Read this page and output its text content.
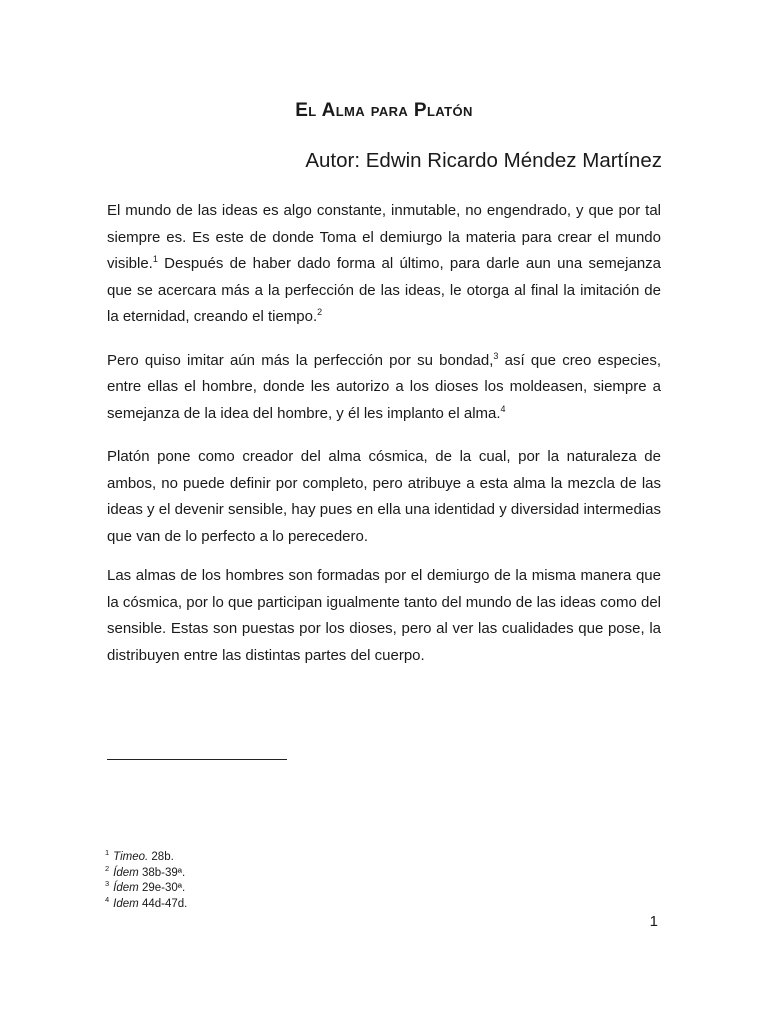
El Alma para Platón
Autor: Edwin Ricardo Méndez Martínez

El mundo de las ideas es algo constante, inmutable, no engendrado, y que por tal siempre es. Es este de donde Toma el demiurgo la materia para crear el mundo visible.$^1$ Después de haber dado forma al último, para darle aun una semejanza que se acercara más a la perfección de las ideas, le otorga al final la imitación de la eternidad, creando el tiempo.$^2$

Pero quiso imitar aún más la perfección por su bondad,$^3$ así que creo especies, entre ellas el hombre, donde les autorizo a los dioses los moldeasen, siempre a semejanza de la idea del hombre, y él les implanto el alma.$^4$

Platón pone como creador del alma cósmica, de la cual, por la naturaleza de ambos, no puede definir por completo, pero atribuye a esta alma la mezcla de las ideas y el devenir sensible, hay pues en ella una identidad y diversidad intermedias que van de lo perfecto a lo perecedero.

Las almas de los hombres son formadas por el demiurgo de la misma manera que la cósmica, por lo que participan igualmente tanto del mundo de las ideas como del sensible. Estas son puestas por los dioses, pero al ver las cualidades que pose, la distribuyen entre las distintas partes del cuerpo.

$^1$ Timeo. 28b.
$^2$ Ídem 38b-39ª.
$^3$ Ídem 29e-30ª.
$^4$ Idem 44d-47d.
1
